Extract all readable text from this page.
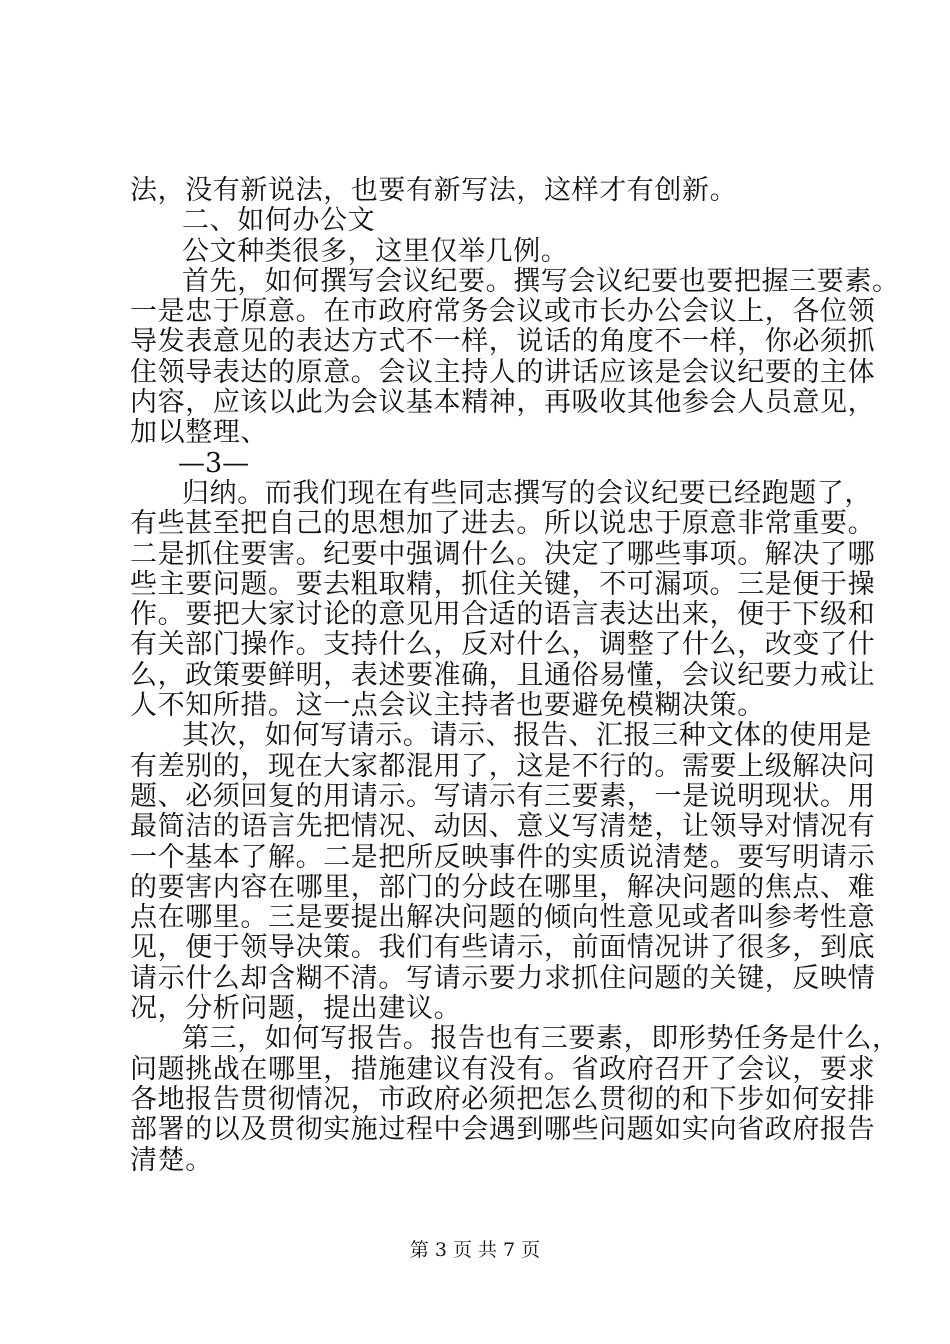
法，没有新说法，也要有新写法，这样才有创新。
二、如何办公文
公文种类很多，这里仅举几例。
首先，如何撰写会议纪要。撰写会议纪要也要把握三要素。
一是忠于原意。在市政府常务会议或市长办公会议上，各位领
导发表意见的表达方式不一样，说话的角度不一样，你必须抓
住领导表达的原意。会议主持人的讲话应该是会议纪要的主体
内容，应该以此为会议基本精神，再吸收其他参会人员意见，
加以整理、
—3—
归纳。而我们现在有些同志撰写的会议纪要已经跑题了，
有些甚至把自己的思想加了进去。所以说忠于原意非常重要。
二是抓住要害。纪要中强调什么。决定了哪些事项。解决了哪
些主要问题。要去粗取精，抓住关键，不可漏项。三是便于操
作。要把大家讨论的意见用合适的语言表达出来，便于下级和
有关部门操作。支持什么，反对什么，调整了什么，改变了什
么，政策要鲜明，表述要准确，且通俗易懂，会议纪要力戒让
人不知所措。这一点会议主持者也要避免模糊决策。
其次，如何写请示。请示、报告、汇报三种文体的使用是
有差别的，现在大家都混用了，这是不行的。需要上级解决问
题、必须回复的用请示。写请示有三要素，一是说明现状。用
最简洁的语言先把情况、动因、意义写清楚，让领导对情况有
一个基本了解。二是把所反映事件的实质说清楚。要写明请示
的要害内容在哪里，部门的分歧在哪里，解决问题的焦点、难
点在哪里。三是要提出解决问题的倾向性意见或者叫参考性意
见，便于领导决策。我们有些请示，前面情况讲了很多，到底
请示什么却含糊不清。写请示要力求抓住问题的关键，反映情
况，分析问题，提出建议。
第三，如何写报告。报告也有三要素，即形势任务是什么，
问题挑战在哪里，措施建议有没有。省政府召开了会议，要求
各地报告贯彻情况，市政府必须把怎么贯彻的和下步如何安排
部署的以及贯彻实施过程中会遇到哪些问题如实向省政府报告
清楚。
第 3 页 共 7 页
